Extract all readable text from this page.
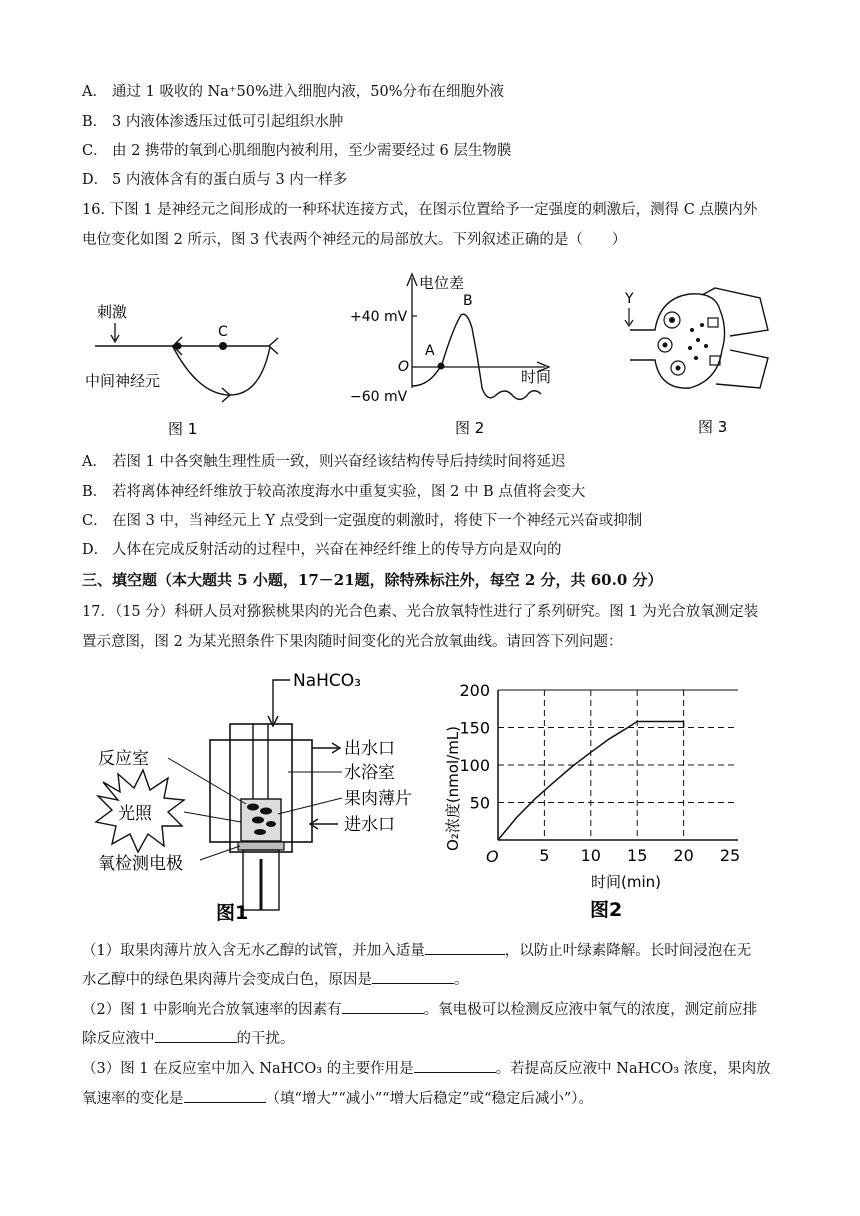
A． 通过 1 吸收的 Na⁺50%进入细胞内液，50%分布在细胞外液
B． 3 内液体渗透压过低可引起组织水肿
C． 由 2 携带的氧到心肌细胞内被利用，至少需要经过 6 层生物膜
D． 5 内液体含有的蛋白质与 3 内一样多
16. 下图 1 是神经元之间形成的一种环状连接方式，在图示位置给予一定强度的刺激后，测得 C 点膜内外
电位变化如图 2 所示，图 3 代表两个神经元的局部放大。下列叙述正确的是（　　）
刺激
C
中间神经元
图 1
电位差
+40 mV
O
−60 mV
A
B
时间
图 2
Y
图 3
A． 若图 1 中各突触生理性质一致，则兴奋经该结构传导后持续时间将延迟
B． 若将离体神经纤维放于较高浓度海水中重复实验，图 2 中 B 点值将会变大
C． 在图 3 中，当神经元上 Y 点受到一定强度的刺激时，将使下一个神经元兴奋或抑制
D． 人体在完成反射活动的过程中，兴奋在神经纤维上的传导方向是双向的
三、填空题（本大题共 5 小题，17－21题，除特殊标注外，每空 2 分，共 60.0 分）
17．（15 分）科研人员对猕猴桃果肉的光合色素、光合放氧特性进行了系列研究。图 1 为光合放氧测定装
置示意图，图 2 为某光照条件下果肉随时间变化的光合放氧曲线。请回答下列问题：
NaHCO₃
反应室
光照
氧检测电极
出水口
水浴室
果肉薄片
进水口
图1
O₂浓度(nmol/mL)
O
时间(min)
图2
50
100
150
200
5 10 15 20 25
（1）取果肉薄片放入含无水乙醇的试管，并加入适量	，以防止叶绿素降解。长时间浸泡在无
水乙醇中的绿色果肉薄片会变成白色，原因是	。
（2）图 1 中影响光合放氧速率的因素有	。氧电极可以检测反应液中氧气的浓度，测定前应排
除反应液中	的干扰。
（3）图 1 在反应室中加入 NaHCO₃ 的主要作用是	。若提高反应液中 NaHCO₃ 浓度，果肉放
氧速率的变化是	（填“增大”“减小”“增大后稳定”或“稳定后减小”）。
